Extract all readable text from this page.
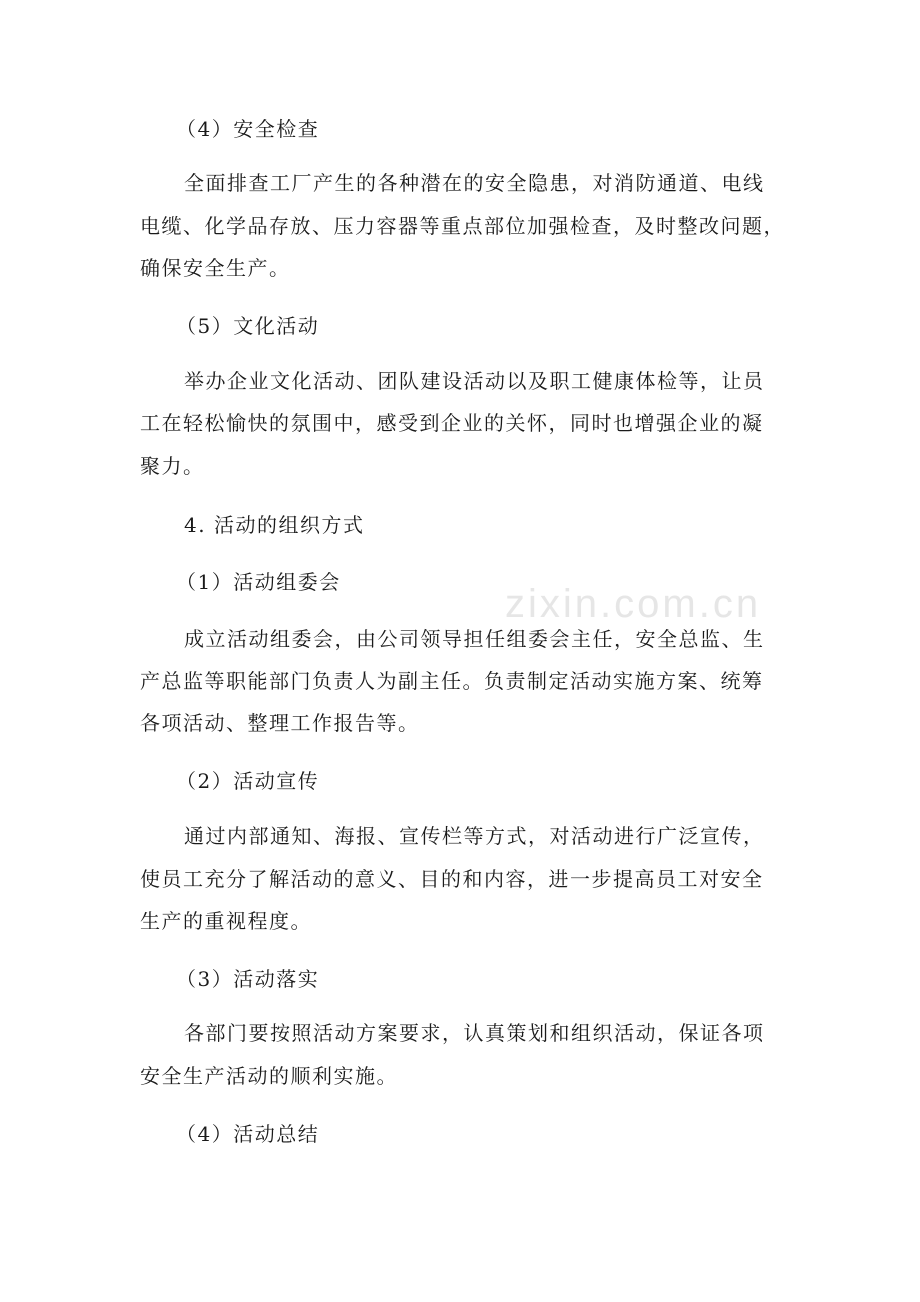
zixin.com.cn
（4）安全检查
全面排查工厂产生的各种潜在的安全隐患，对消防通道、电线
电缆、化学品存放、压力容器等重点部位加强检查，及时整改问题，
确保安全生产。
（5）文化活动
举办企业文化活动、团队建设活动以及职工健康体检等，让员
工在轻松愉快的氛围中，感受到企业的关怀，同时也增强企业的凝
聚力。
4. 活动的组织方式
（1）活动组委会
成立活动组委会，由公司领导担任组委会主任，安全总监、生
产总监等职能部门负责人为副主任。负责制定活动实施方案、统筹
各项活动、整理工作报告等。
（2）活动宣传
通过内部通知、海报、宣传栏等方式，对活动进行广泛宣传，
使员工充分了解活动的意义、目的和内容，进一步提高员工对安全
生产的重视程度。
（3）活动落实
各部门要按照活动方案要求，认真策划和组织活动，保证各项
安全生产活动的顺利实施。
（4）活动总结
